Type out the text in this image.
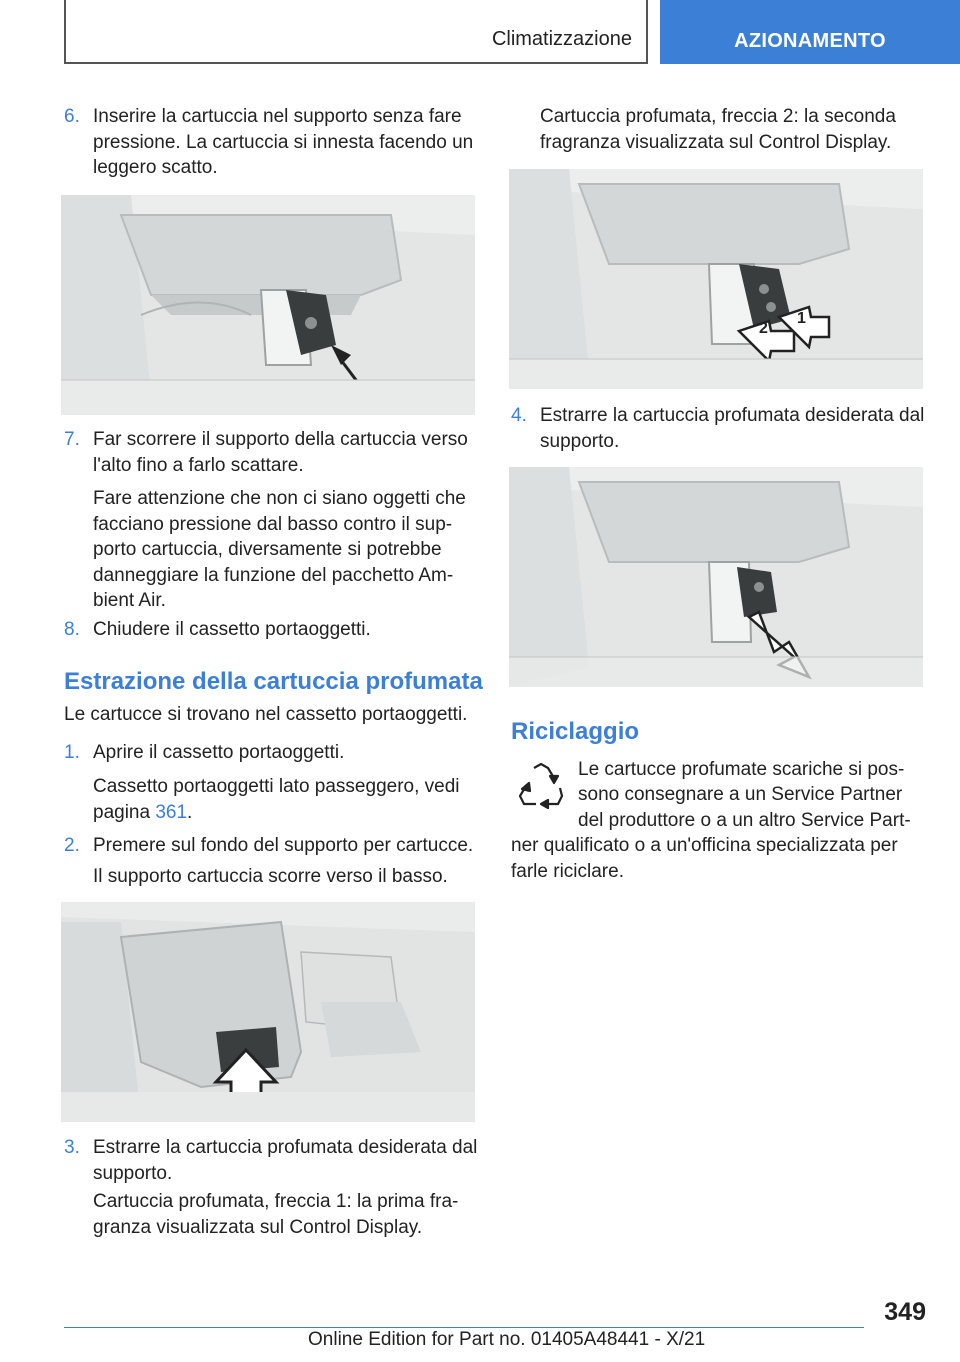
Climatizzazione	AZIONAMENTO
6. Inserire la cartuccia nel supporto senza fare pressione. La cartuccia si innesta facendo un leggero scatto.
7. Far scorrere il supporto della cartuccia verso l'alto fino a farlo scattare.
Fare attenzione che non ci siano oggetti che facciano pressione dal basso contro il sup-porto cartuccia, diversamente si potrebbe danneggiare la funzione del pacchetto Am-bient Air.
8. Chiudere il cassetto portaoggetti.
Estrazione della cartuccia profumata
Le cartucce si trovano nel cassetto portaoggetti.
1. Aprire il cassetto portaoggetti.
Cassetto portaoggetti lato passeggero, vedi pagina 361.
2. Premere sul fondo del supporto per cartucce.
Il supporto cartuccia scorre verso il basso.
3. Estrarre la cartuccia profumata desiderata dal supporto.
Cartuccia profumata, freccia 1: la prima fra-granza visualizzata sul Control Display.
Cartuccia profumata, freccia 2: la seconda fragranza visualizzata sul Control Display.
2
1
4. Estrarre la cartuccia profumata desiderata dal supporto.
Riciclaggio
Le cartucce profumate scariche si pos-
sono consegnare a un Service Partner
del produttore o a un altro Service Part-
ner qualificato o a un'officina specializzata per farle riciclare.
349
Online Edition for Part no. 01405A48441 - X/21
